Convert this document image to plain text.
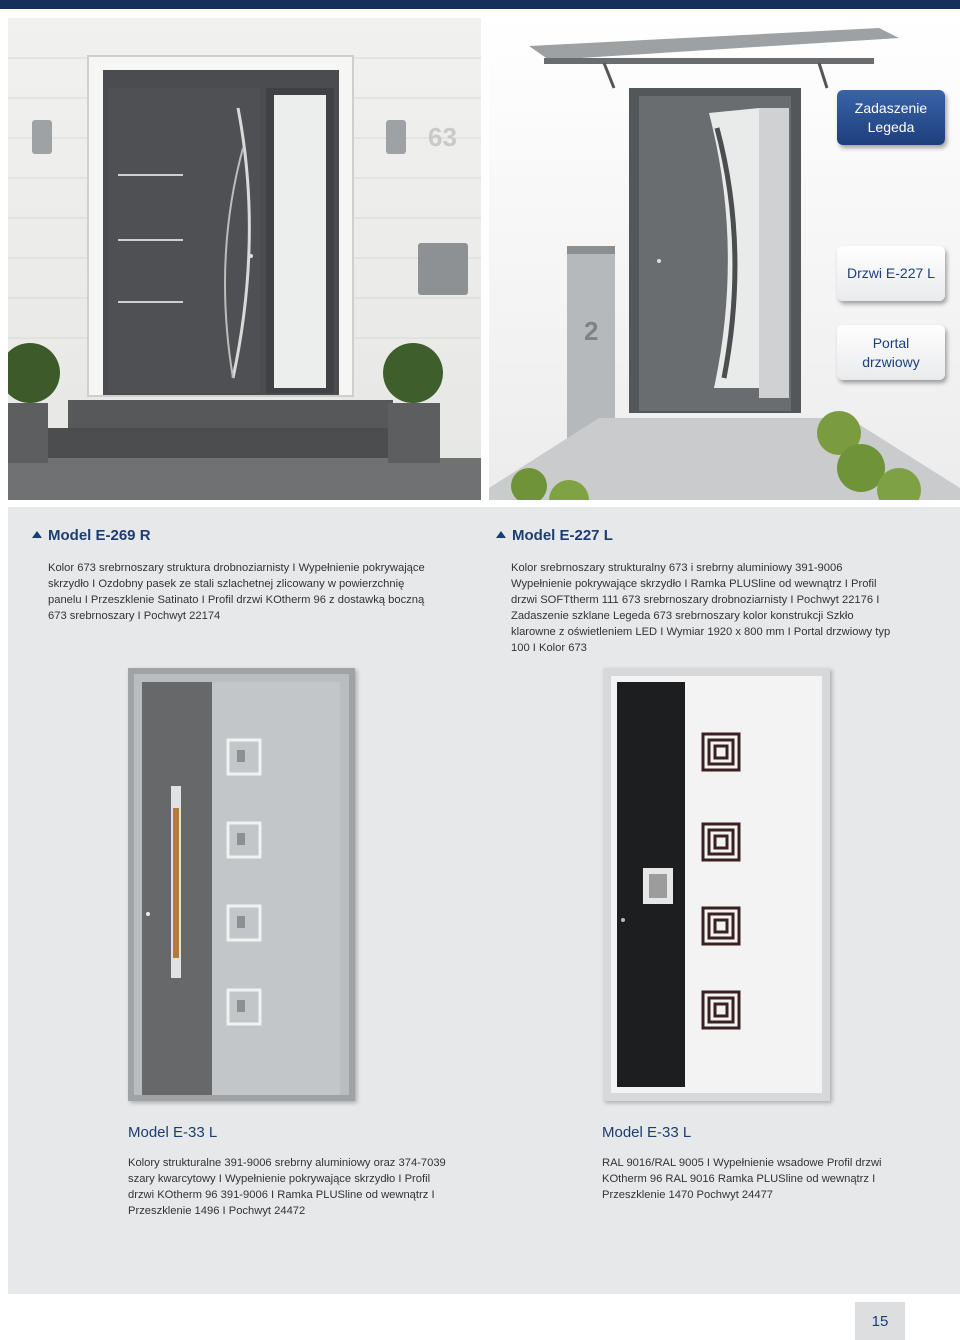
63
2
Zadaszenie Legeda
Drzwi E-227 L
Portal drzwiowy
Model E-269 R
Kolor 673 srebrnoszary struktura drobnoziarnisty I Wypełnienie pokrywające skrzydło I Ozdobny pasek ze stali szlachetnej zlicowany w powierzchnię panelu I Przeszklenie Satinato I Profil drzwi KOtherm 96 z dostawką boczną 673 srebrnoszary I Pochwyt 22174
Model E-227 L
Kolor srebrnoszary strukturalny 673 i srebrny aluminiowy 391-9006 Wypełnienie pokrywające skrzydło I Ramka PLUSline od wewnątrz I Profil drzwi SOFTtherm 111 673 srebrnoszary drobnoziarnisty I Pochwyt 22176 I Zadaszenie szklane Legeda 673 srebrnoszary kolor konstrukcji Szkło klarowne z oświetleniem LED I Wymiar 1920 x 800 mm I Portal drzwiowy typ 100 I Kolor 673
Model E-33 L
Kolory strukturalne 391-9006 srebrny aluminiowy oraz 374-7039 szary kwarcytowy I Wypełnienie pokrywające skrzydło I Profil drzwi KOtherm 96 391-9006 I Ramka PLUSline od wewnątrz I Przeszklenie 1496 I Pochwyt 24472
Model E-33 L
RAL 9016/RAL 9005 I Wypełnienie wsadowe Profil drzwi KOtherm 96 RAL 9016 Ramka PLUSline od wewnątrz I Przeszklenie 1470 Pochwyt 24477
15
